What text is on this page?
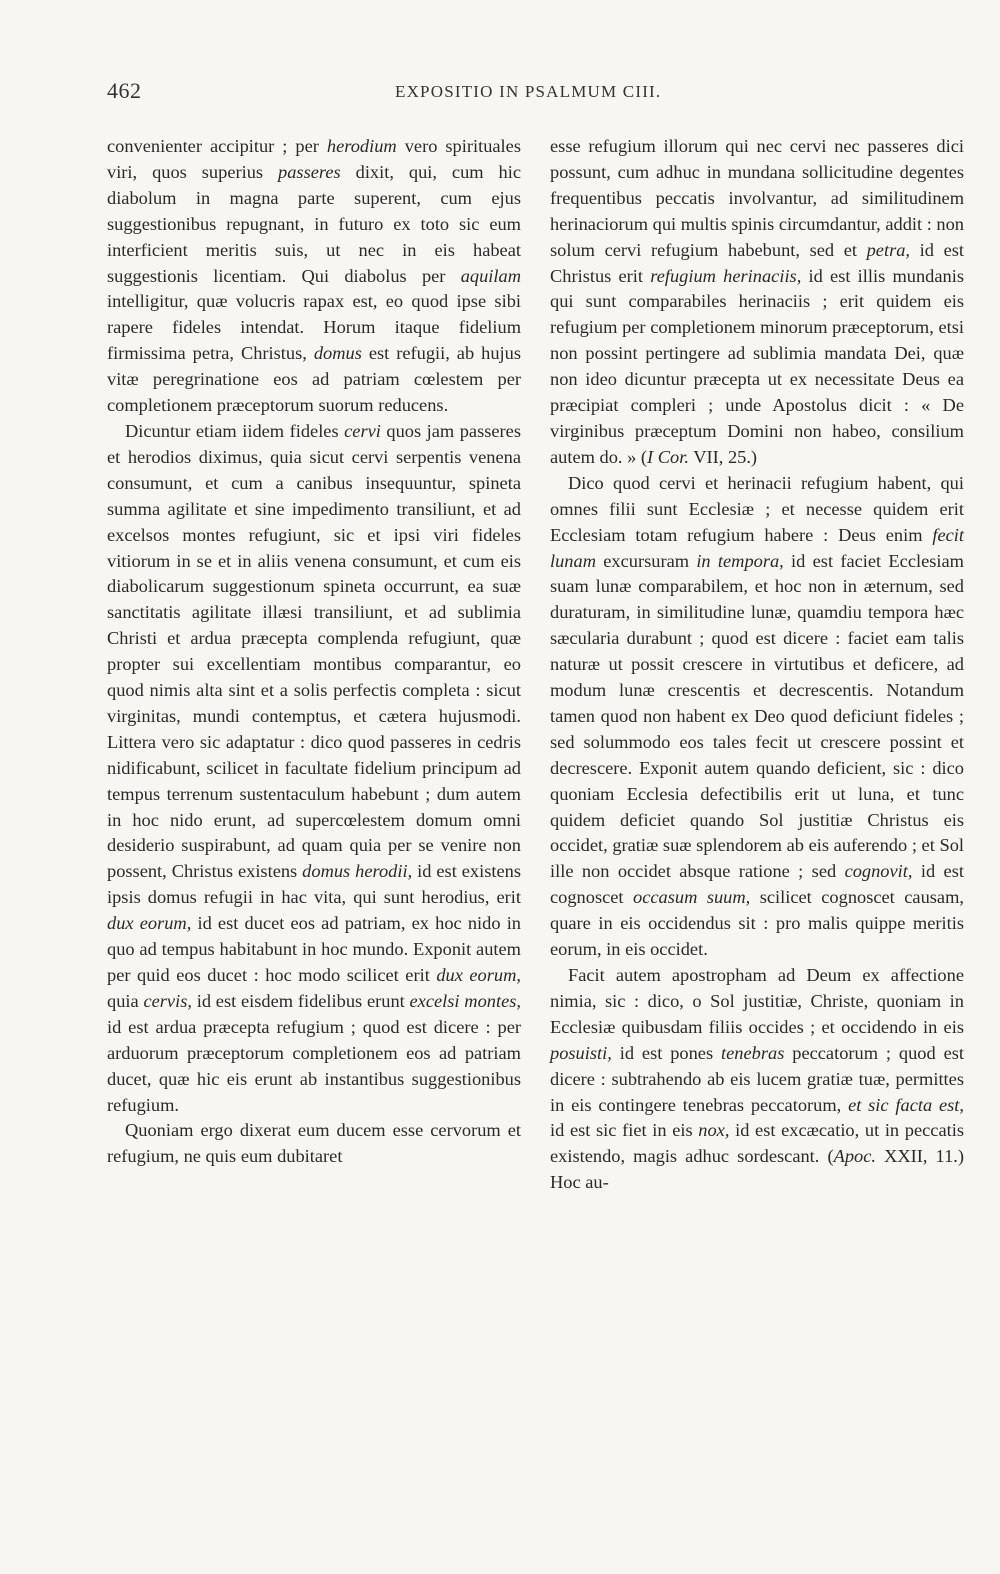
462	EXPOSITIO IN PSALMUM CIII.

convenienter accipitur ; per herodium vero spirituales viri, quos superius passeres dixit, qui, cum hic diabolum in magna parte superent, cum ejus suggestionibus repugnant, in futuro ex toto sic eum interficient meritis suis, ut nec in eis habeat suggestionis licentiam. Qui diabolus per aquilam intelligitur, quæ volucris rapax est, eo quod ipse sibi rapere fideles intendat. Horum itaque fidelium firmissima petra, Christus, domus est refugii, ab hujus vitæ peregrinatione eos ad patriam cœlestem per completionem præceptorum suorum reducens.

Dicuntur etiam iidem fideles cervi quos jam passeres et herodios diximus, quia sicut cervi serpentis venena consumunt, et cum a canibus insequuntur, spineta summa agilitate et sine impedimento transiliunt, et ad excelsos montes refugiunt, sic et ipsi viri fideles vitiorum in se et in aliis venena consumunt, et cum eis diabolicarum suggestionum spineta occurrunt, ea suæ sanctitatis agilitate illæsi transiliunt, et ad sublimia Christi et ardua præcepta complenda refugiunt, quæ propter sui excellentiam montibus comparantur, eo quod nimis alta sint et a solis perfectis completa : sicut virginitas, mundi contemptus, et cætera hujusmodi. Littera vero sic adaptatur : dico quod passeres in cedris nidificabunt, scilicet in facultate fidelium principum ad tempus terrenum sustentaculum habebunt ; dum autem in hoc nido erunt, ad supercœlestem domum omni desiderio suspirabunt, ad quam quia per se venire non possent, Christus existens domus herodii, id est existens ipsis domus refugii in hac vita, qui sunt herodius, erit dux eorum, id est ducet eos ad patriam, ex hoc nido in quo ad tempus habitabunt in hoc mundo. Exponit autem per quid eos ducet : hoc modo scilicet erit dux eorum, quia cervis, id est eisdem fidelibus erunt excelsi montes, id est ardua præcepta refugium ; quod est dicere : per arduorum præceptorum completionem eos ad patriam ducet, quæ hic eis erunt ab instantibus suggestionibus refugium.

Quoniam ergo dixerat eum ducem esse cervorum et refugium, ne quis eum dubitaret

esse refugium illorum qui nec cervi nec passeres dici possunt, cum adhuc in mundana sollicitudine degentes frequentibus peccatis involvantur, ad similitudinem herinaciorum qui multis spinis circumdantur, addit : non solum cervi refugium habebunt, sed et petra, id est Christus erit refugium herinaciis, id est illis mundanis qui sunt comparabiles herinaciis ; erit quidem eis refugium per completionem minorum præceptorum, etsi non possint pertingere ad sublimia mandata Dei, quæ non ideo dicuntur præcepta ut ex necessitate Deus ea præcipiat compleri ; unde Apostolus dicit : « De virginibus præceptum Domini non habeo, consilium autem do. » (I Cor. VII, 25.)

Dico quod cervi et herinacii refugium habent, qui omnes filii sunt Ecclesiæ ; et necesse quidem erit Ecclesiam totam refugium habere : Deus enim fecit lunam excursuram in tempora, id est faciet Ecclesiam suam lunæ comparabilem, et hoc non in æternum, sed duraturam, in similitudine lunæ, quamdiu tempora hæc sæcularia durabunt ; quod est dicere : faciet eam talis naturæ ut possit crescere in virtutibus et deficere, ad modum lunæ crescentis et decrescentis. Notandum tamen quod non habent ex Deo quod deficiunt fideles ; sed solummodo eos tales fecit ut crescere possint et decrescere. Exponit autem quando deficient, sic : dico quoniam Ecclesia defectibilis erit ut luna, et tunc quidem deficiet quando Sol justitiæ Christus eis occidet, gratiæ suæ splendorem ab eis auferendo ; et Sol ille non occidet absque ratione ; sed cognovit, id est cognoscet occasum suum, scilicet cognoscet causam, quare in eis occidendus sit : pro malis quippe meritis eorum, in eis occidet.

Facit autem apostropham ad Deum ex affectione nimia, sic : dico, o Sol justitiæ, Christe, quoniam in Ecclesiæ quibusdam filiis occides ; et occidendo in eis posuisti, id est pones tenebras peccatorum ; quod est dicere : subtrahendo ab eis lucem gratiæ tuæ, permittes in eis contingere tenebras peccatorum, et sic facta est, id est sic fiet in eis nox, id est excæcatio, ut in peccatis existendo, magis adhuc sordescant. (Apoc. XXII, 11.) Hoc au-
